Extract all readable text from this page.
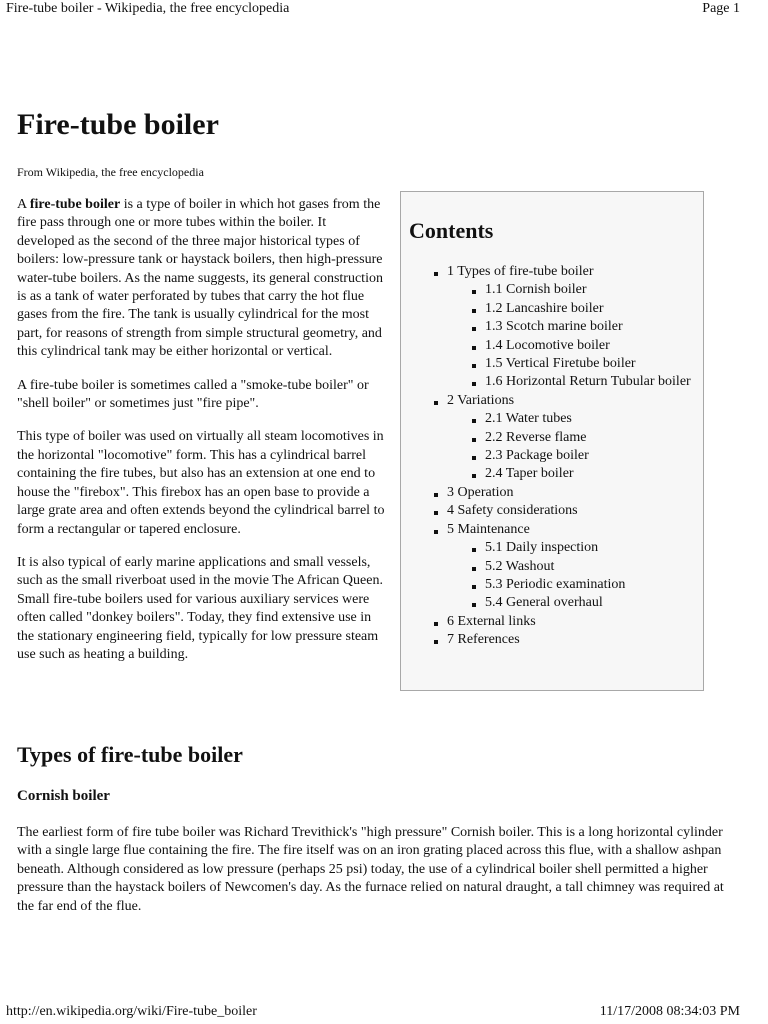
Fire-tube boiler - Wikipedia, the free encyclopedia	Page 1
Fire-tube boiler
From Wikipedia, the free encyclopedia

A fire-tube boiler is a type of boiler in which hot gases from the fire pass through one or more tubes within the boiler. It developed as the second of the three major historical types of boilers: low-pressure tank or haystack boilers, then high-pressure water-tube boilers. As the name suggests, its general construction is as a tank of water perforated by tubes that carry the hot flue gases from the fire. The tank is usually cylindrical for the most part, for reasons of strength from simple structural geometry, and this cylindrical tank may be either horizontal or vertical.

A fire-tube boiler is sometimes called a "smoke-tube boiler" or "shell boiler" or sometimes just "fire pipe".

This type of boiler was used on virtually all steam locomotives in the horizontal "locomotive" form. This has a cylindrical barrel containing the fire tubes, but also has an extension at one end to house the "firebox". This firebox has an open base to provide a large grate area and often extends beyond the cylindrical barrel to form a rectangular or tapered enclosure.

It is also typical of early marine applications and small vessels, such as the small riverboat used in the movie The African Queen. Small fire-tube boilers used for various auxiliary services were often called "donkey boilers". Today, they find extensive use in the stationary engineering field, typically for low pressure steam use such as heating a building.

Contents
1 Types of fire-tube boiler
1.1 Cornish boiler
1.2 Lancashire boiler
1.3 Scotch marine boiler
1.4 Locomotive boiler
1.5 Vertical Firetube boiler
1.6 Horizontal Return Tubular boiler
2 Variations
2.1 Water tubes
2.2 Reverse flame
2.3 Package boiler
2.4 Taper boiler
3 Operation
4 Safety considerations
5 Maintenance
5.1 Daily inspection
5.2 Washout
5.3 Periodic examination
5.4 General overhaul
6 External links
7 References
Types of fire-tube boiler
Cornish boiler

The earliest form of fire tube boiler was Richard Trevithick's "high pressure" Cornish boiler. This is a long horizontal cylinder with a single large flue containing the fire. The fire itself was on an iron grating placed across this flue, with a shallow ashpan beneath. Although considered as low pressure (perhaps 25 psi) today, the use of a cylindrical boiler shell permitted a higher pressure than the haystack boilers of Newcomen's day. As the furnace relied on natural draught, a tall chimney was required at the far end of the flue.

http://en.wikipedia.org/wiki/Fire-tube_boiler	11/17/2008 08:34:03 PM
